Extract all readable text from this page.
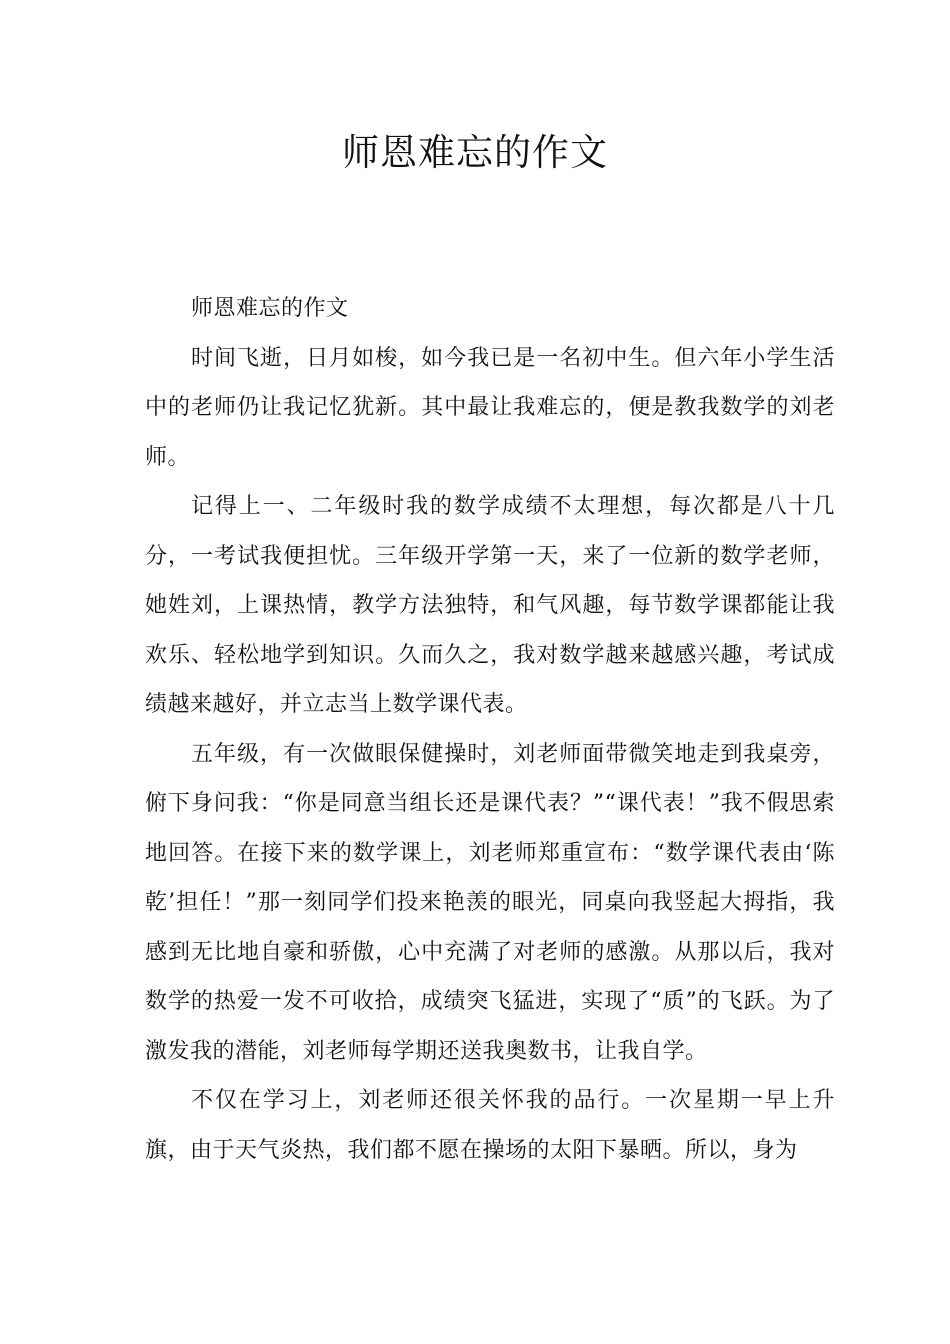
师恩难忘的作文

师恩难忘的作文

时间飞逝，日月如梭，如今我已是一名初中生。但六年小学生活中的老师仍让我记忆犹新。其中最让我难忘的，便是教我数学的刘老师。

记得上一、二年级时我的数学成绩不太理想，每次都是八十几分，一考试我便担忧。三年级开学第一天，来了一位新的数学老师，她姓刘，上课热情，教学方法独特，和气风趣，每节数学课都能让我欢乐、轻松地学到知识。久而久之，我对数学越来越感兴趣，考试成绩越来越好，并立志当上数学课代表。

五年级，有一次做眼保健操时，刘老师面带微笑地走到我桌旁，俯下身问我：“你是同意当组长还是课代表？”“课代表！”我不假思索地回答。在接下来的数学课上，刘老师郑重宣布：“数学课代表由‘陈乾’担任！”那一刻同学们投来艳羡的眼光，同桌向我竖起大拇指，我感到无比地自豪和骄傲，心中充满了对老师的感激。从那以后，我对数学的热爱一发不可收拾，成绩突飞猛进，实现了“质”的飞跃。为了激发我的潜能，刘老师每学期还送我奥数书，让我自学。

不仅在学习上，刘老师还很关怀我的品行。一次星期一早上升旗，由于天气炎热，我们都不愿在操场的太阳下暴晒。所以，身为
